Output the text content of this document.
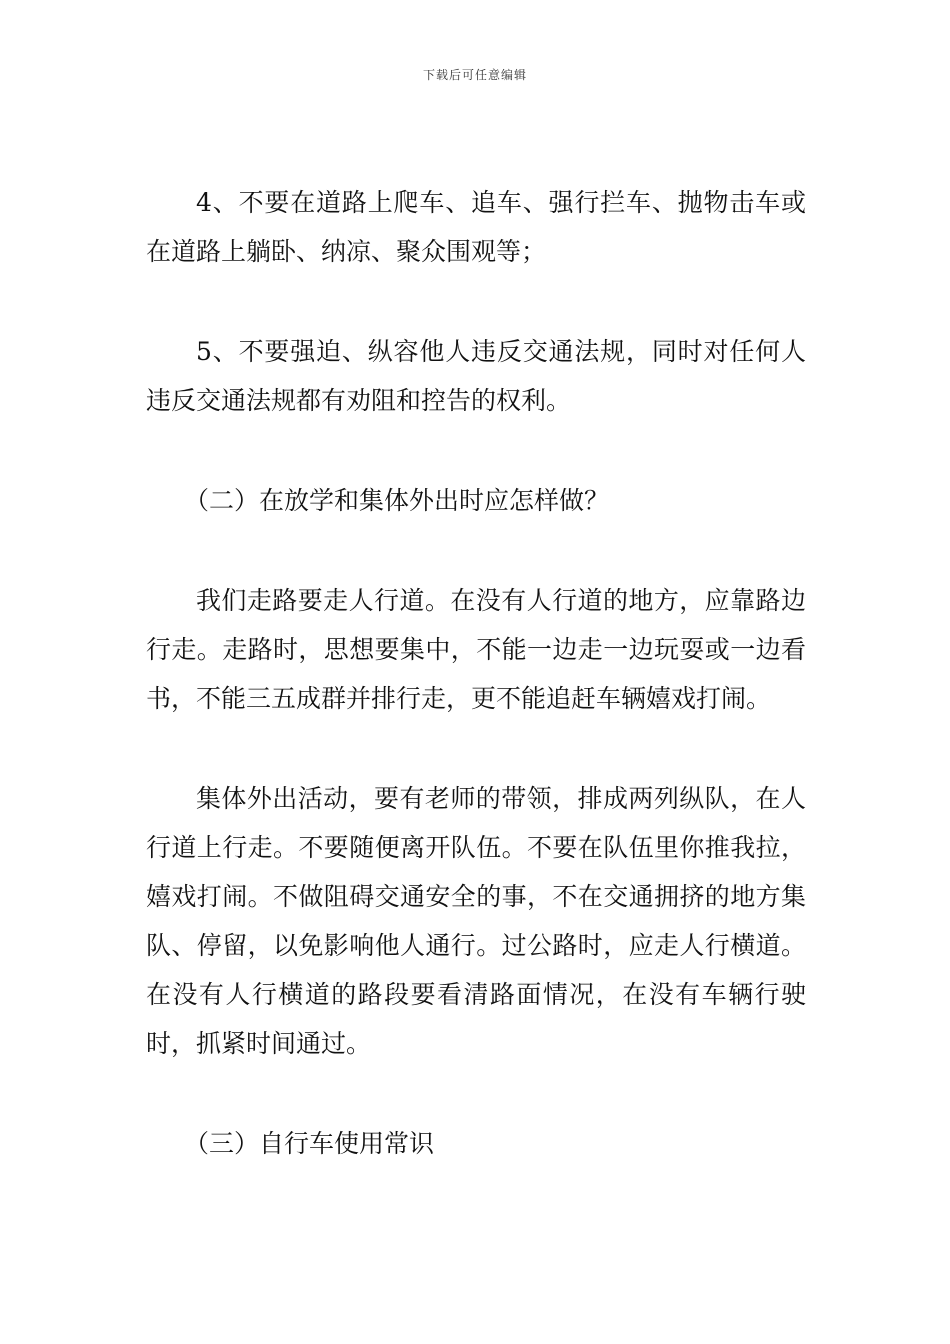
下载后可任意编辑

4、不要在道路上爬车、追车、强行拦车、抛物击车或在道路上躺卧、纳凉、聚众围观等；

5、不要强迫、纵容他人违反交通法规，同时对任何人违反交通法规都有劝阻和控告的权利。

（二）在放学和集体外出时应怎样做？

我们走路要走人行道。在没有人行道的地方，应靠路边行走。走路时，思想要集中，不能一边走一边玩耍或一边看书，不能三五成群并排行走，更不能追赶车辆嬉戏打闹。

集体外出活动，要有老师的带领，排成两列纵队，在人行道上行走。不要随便离开队伍。不要在队伍里你推我拉，嬉戏打闹。不做阻碍交通安全的事，不在交通拥挤的地方集队、停留，以免影响他人通行。过公路时，应走人行横道。在没有人行横道的路段要看清路面情况，在没有车辆行驶时，抓紧时间通过。

（三）自行车使用常识
